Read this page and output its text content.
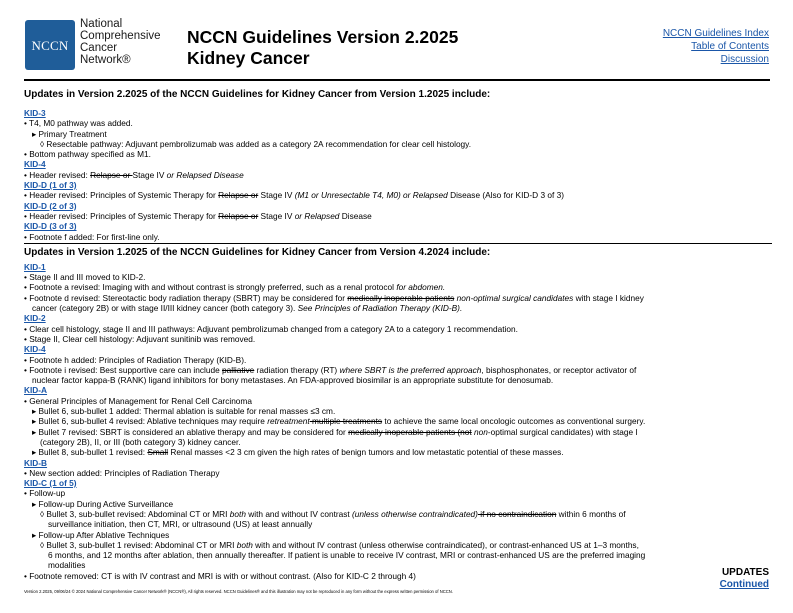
NCCN
National
Comprehensive
Cancer
Network®
NCCN Guidelines Version 2.2025
Kidney Cancer
NCCN Guidelines Index
Table of Contents
Discussion
Updates in Version 2.2025 of the NCCN Guidelines for Kidney Cancer from Version 1.2025 include:
KID-3
• T4, M0 pathway was added.
▸ Primary Treatment
◊ Resectable pathway: Adjuvant pembrolizumab was added as a category 2A recommendation for clear cell histology.
• Bottom pathway specified as M1.
KID-4
• Header revised: Relapse or Stage IV or Relapsed Disease
KID-D (1 of 3)
• Header revised: Principles of Systemic Therapy for Relapse or Stage IV (M1 or Unresectable T4, M0) or Relapsed Disease (Also for KID-D 3 of 3)
KID-D (2 of 3)
• Header revised: Principles of Systemic Therapy for Relapse or Stage IV or Relapsed Disease
KID-D (3 of 3)
• Footnote f added: For first-line only.
Updates in Version 1.2025 of the NCCN Guidelines for Kidney Cancer from Version 4.2024 include:
KID-1
• Stage II and III moved to KID-2.
• Footnote a revised: Imaging with and without contrast is strongly preferred, such as a renal protocol for abdomen.
• Footnote d revised: Stereotactic body radiation therapy (SBRT) may be considered for medically inoperable patients non-optimal surgical candidates with stage I kidney
cancer (category 2B) or with stage II/III kidney cancer (both category 3). See Principles of Radiation Therapy (KID-B).
KID-2
• Clear cell histology, stage II and III pathways: Adjuvant pembrolizumab changed from a category 2A to a category 1 recommendation.
• Stage II, Clear cell histology: Adjuvant sunitinib was removed.
KID-4
• Footnote h added: Principles of Radiation Therapy (KID-B).
• Footnote i revised: Best supportive care can include palliative radiation therapy (RT) where SBRT is the preferred approach, bisphosphonates, or receptor activator of
nuclear factor kappa-B (RANK) ligand inhibitors for bony metastases. An FDA-approved biosimilar is an appropriate substitute for denosumab.
KID-A
• General Principles of Management for Renal Cell Carcinoma
▸ Bullet 6, sub-bullet 1 added: Thermal ablation is suitable for renal masses ≤3 cm.
▸ Bullet 6, sub-bullet 4 revised: Ablative techniques may require retreatment multiple treatments to achieve the same local oncologic outcomes as conventional surgery.
▸ Bullet 7 revised: SBRT is considered an ablative therapy and may be considered for medically inoperable patients (not non-optimal surgical candidates) with stage I
(category 2B), II, or III (both category 3) kidney cancer.
▸ Bullet 8, sub-bullet 1 revised: Small Renal masses <2 3 cm given the high rates of benign tumors and low metastatic potential of these masses.
KID-B
• New section added: Principles of Radiation Therapy
KID-C (1 of 5)
• Follow-up
▸ Follow-up During Active Surveillance
◊ Bullet 3, sub-bullet revised: Abdominal CT or MRI both with and without IV contrast (unless otherwise contraindicated) if no contraindication within 6 months of
surveillance initiation, then CT, MRI, or ultrasound (US) at least annually
▸ Follow-up After Ablative Techniques
◊ Bullet 3, sub-bullet 1 revised: Abdominal CT or MRI both with and without IV contrast (unless otherwise contraindicated), or contrast-enhanced US at 1–3 months,
6 months, and 12 months after ablation, then annually thereafter. If patient is unable to receive IV contrast, MRI or contrast-enhanced US are the preferred imaging
modalities
• Footnote removed: CT is with IV contrast and MRI is with or without contrast. (Also for KID-C 2 through 4)	UPDATES
Continued
Version 2.2025, 09/06/24 © 2024 National Comprehensive Cancer Network® (NCCN®), All rights reserved. NCCN Guidelines® and this illustration may not be reproduced in any form without the express written permission of NCCN.
